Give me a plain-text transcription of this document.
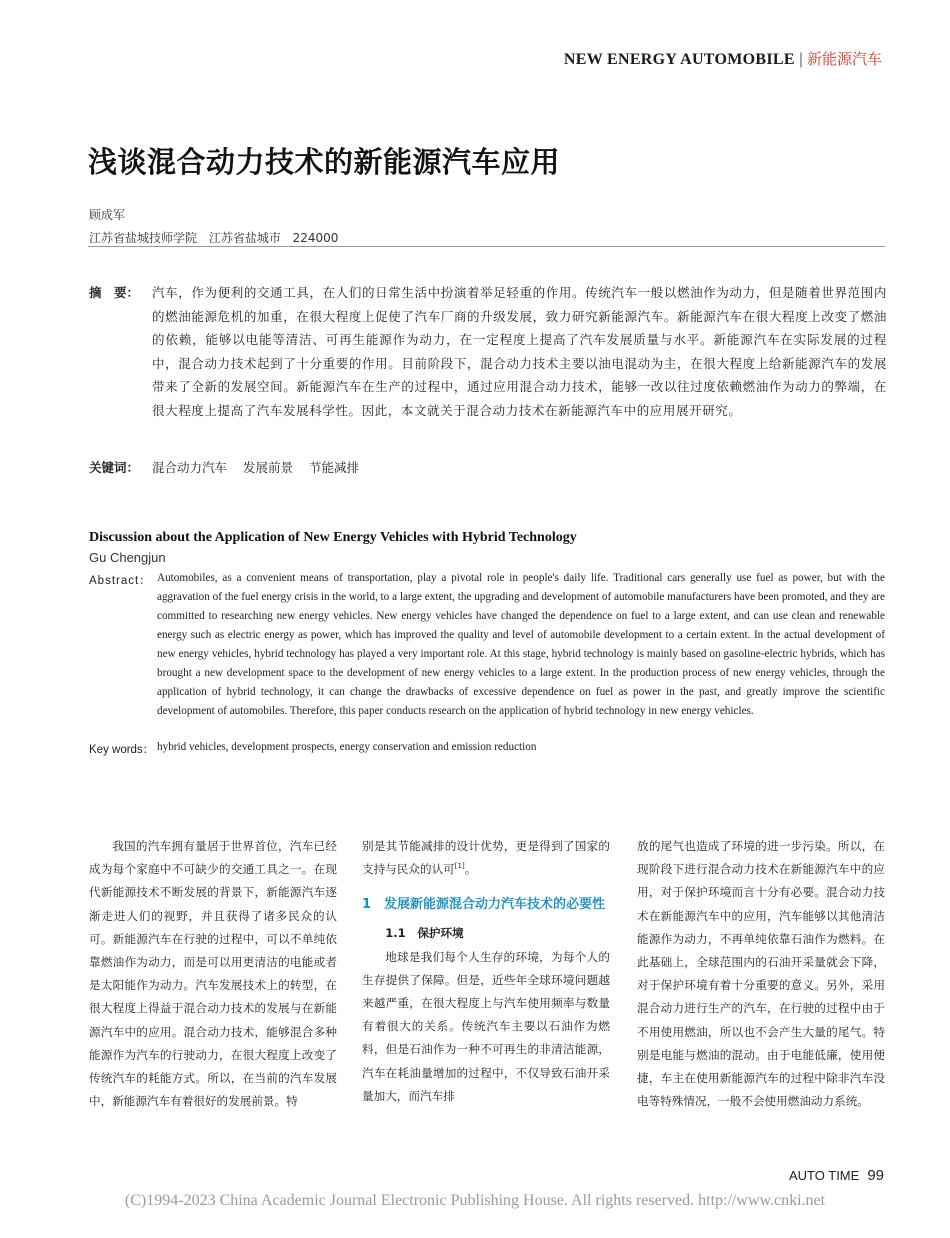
NEW ENERGY AUTOMOBILE | 新能源汽车
浅谈混合动力技术的新能源汽车应用
顾成军
江苏省盐城技师学院 江苏省盐城市 224000
摘　要：	汽车，作为便利的交通工具，在人们的日常生活中扮演着举足轻重的作用。传统汽车一般以燃油作为动力，但是随着世界范围内的燃油能源危机的加重，在很大程度上促使了汽车厂商的升级发展，致力研究新能源汽车。新能源汽车在很大程度上改变了燃油的依赖，能够以电能等清洁、可再生能源作为动力，在一定程度上提高了汽车发展质量与水平。新能源汽车在实际发展的过程中，混合动力技术起到了十分重要的作用。目前阶段下，混合动力技术主要以油电混动为主，在很大程度上给新能源汽车的发展带来了全新的发展空间。新能源汽车在生产的过程中，通过应用混合动力技术，能够一改以往过度依赖燃油作为动力的弊端，在很大程度上提高了汽车发展科学性。因此，本文就关于混合动力技术在新能源汽车中的应用展开研究。

关键词： 混合动力汽车 发展前景 节能减排
Discussion about the Application of New Energy Vehicles with Hybrid Technology
Gu Chengjun
Abstract： Automobiles, as a convenient means of transportation, play a pivotal role in people's daily life. Traditional cars generally use fuel as power, but with the aggravation of the fuel energy crisis in the world, to a large extent, the upgrading and development of automobile manufacturers have been promoted, and they are committed to researching new energy vehicles. New energy vehicles have changed the dependence on fuel to a large extent, and can use clean and renewable energy such as electric energy as power, which has improved the quality and level of automobile development to a certain extent. In the actual development of new energy vehicles, hybrid technology has played a very important role. At this stage, hybrid technology is mainly based on gasoline-electric hybrids, which has brought a new development space to the development of new energy vehicles to a large extent. In the production process of new energy vehicles, through the application of hybrid technology, it can change the drawbacks of excessive dependence on fuel as power in the past, and greatly improve the scientific development of automobiles. Therefore, this paper conducts research on the application of hybrid technology in new energy vehicles.

Key words： hybrid vehicles, development prospects, energy conservation and emission reduction

我国的汽车拥有量居于世界首位，汽车已经成为每个家庭中不可缺少的交通工具之一。在现代新能源技术不断发展的背景下，新能源汽车逐渐走进人们的视野，并且获得了诸多民众的认可。新能源汽车在行驶的过程中，可以不单纯依靠燃油作为动力，而是可以用更清洁的电能或者是太阳能作为动力。汽车发展技术上的转型，在很大程度上得益于混合动力技术的发展与在新能源汽车中的应用。混合动力技术，能够混合多种能源作为汽车的行驶动力，在很大程度上改变了传统汽车的耗能方式。所以，在当前的汽车发展中，新能源汽车有着很好的发展前景。特

别是其节能减排的设计优势，更是得到了国家的支持与民众的认可[1]。

1　发展新能源混合动力汽车技术的必要性

1.1　保护环境

地球是我们每个人生存的环境，为每个人的生存提供了保障。但是，近些年全球环境问题越来越严重，在很大程度上与汽车使用频率与数量有着很大的关系。传统汽车主要以石油作为燃料，但是石油作为一种不可再生的非清洁能源，汽车在耗油量增加的过程中，不仅导致石油开采量加大，而汽车排

放的尾气也造成了环境的进一步污染。所以，在现阶段下进行混合动力技术在新能源汽车中的应用，对于保护环境而言十分有必要。混合动力技术在新能源汽车中的应用，汽车能够以其他清洁能源作为动力，不再单纯依靠石油作为燃料。在此基础上，全球范围内的石油开采量就会下降，对于保护环境有着十分重要的意义。另外，采用混合动力进行生产的汽车，在行驶的过程中由于不用使用燃油，所以也不会产生大量的尾气。特别是电能与燃油的混动。由于电能低廉，使用便捷，车主在使用新能源汽车的过程中除非汽车没电等特殊情况，一般不会使用燃油动力系统。

AUTO TIME 99
(C)1994-2023 China Academic Journal Electronic Publishing House. All rights reserved. http://www.cnki.net
